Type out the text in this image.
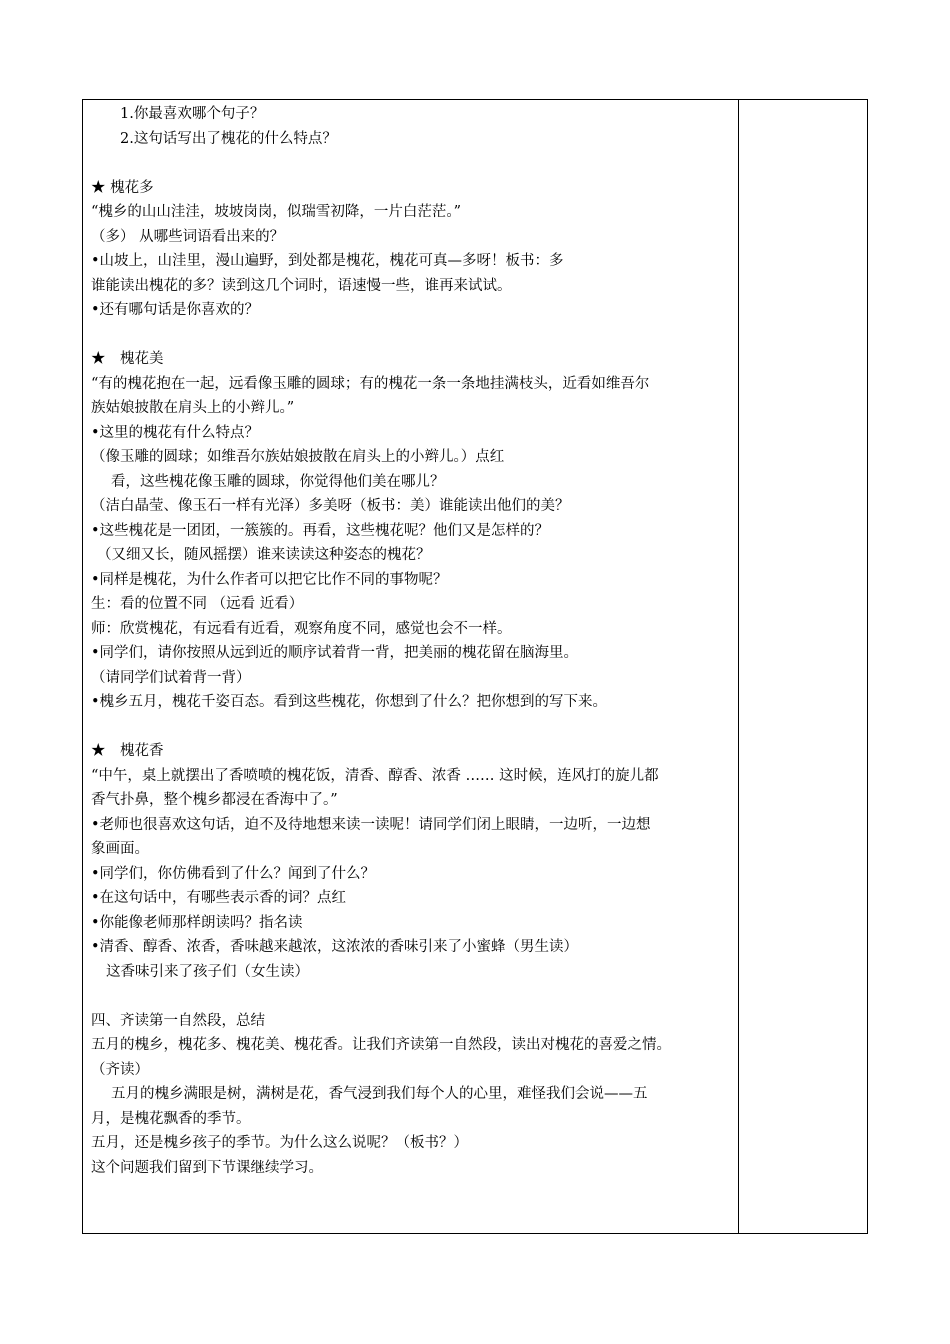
1.你最喜欢哪个句子？
2.这句话写出了槐花的什么特点？
★ 槐花多
“槐乡的山山洼洼，坡坡岗岗，似瑞雪初降，一片白茫茫。”
（多） 从哪些词语看出来的？
•山坡上，山洼里，漫山遍野，到处都是槐花，槐花可真—多呀！板书：多
谁能读出槐花的多？读到这几个词时，语速慢一些，谁再来试试。
•还有哪句话是你喜欢的？
★　槐花美
“有的槐花抱在一起，远看像玉雕的圆球；有的槐花一条一条地挂满枝头，近看如维吾尔
族姑娘披散在肩头上的小辫儿。”
•这里的槐花有什么特点？
（像玉雕的圆球；如维吾尔族姑娘披散在肩头上的小辫儿。）点红
看，这些槐花像玉雕的圆球，你觉得他们美在哪儿？
（洁白晶莹、像玉石一样有光泽）多美呀（板书：美）谁能读出他们的美？
•这些槐花是一团团，一簇簇的。再看，这些槐花呢？他们又是怎样的？
（又细又长，随风摇摆）谁来读读这种姿态的槐花？
•同样是槐花，为什么作者可以把它比作不同的事物呢？
生：看的位置不同 （远看 近看）
师：欣赏槐花，有远看有近看，观察角度不同，感觉也会不一样。
•同学们，请你按照从远到近的顺序试着背一背，把美丽的槐花留在脑海里。
（请同学们试着背一背）
•槐乡五月，槐花千姿百态。看到这些槐花，你想到了什么？把你想到的写下来。
★　槐花香
“中午，桌上就摆出了香喷喷的槐花饭，清香、醇香、浓香 …… 这时候，连风打的旋儿都
香气扑鼻，整个槐乡都浸在香海中了。”
•老师也很喜欢这句话，迫不及待地想来读一读呢！请同学们闭上眼睛，一边听，一边想
象画面。
•同学们，你仿佛看到了什么？闻到了什么？
•在这句话中，有哪些表示香的词？点红
•你能像老师那样朗读吗？指名读
•清香、醇香、浓香，香味越来越浓，这浓浓的香味引来了小蜜蜂（男生读）
这香味引来了孩子们（女生读）
四、齐读第一自然段，总结
五月的槐乡，槐花多、槐花美、槐花香。让我们齐读第一自然段，读出对槐花的喜爱之情。
（齐读）
五月的槐乡满眼是树，满树是花，香气浸到我们每个人的心里，难怪我们会说——五
月，是槐花飘香的季节。
五月，还是槐乡孩子的季节。为什么这么说呢？（板书？）
这个问题我们留到下节课继续学习。
